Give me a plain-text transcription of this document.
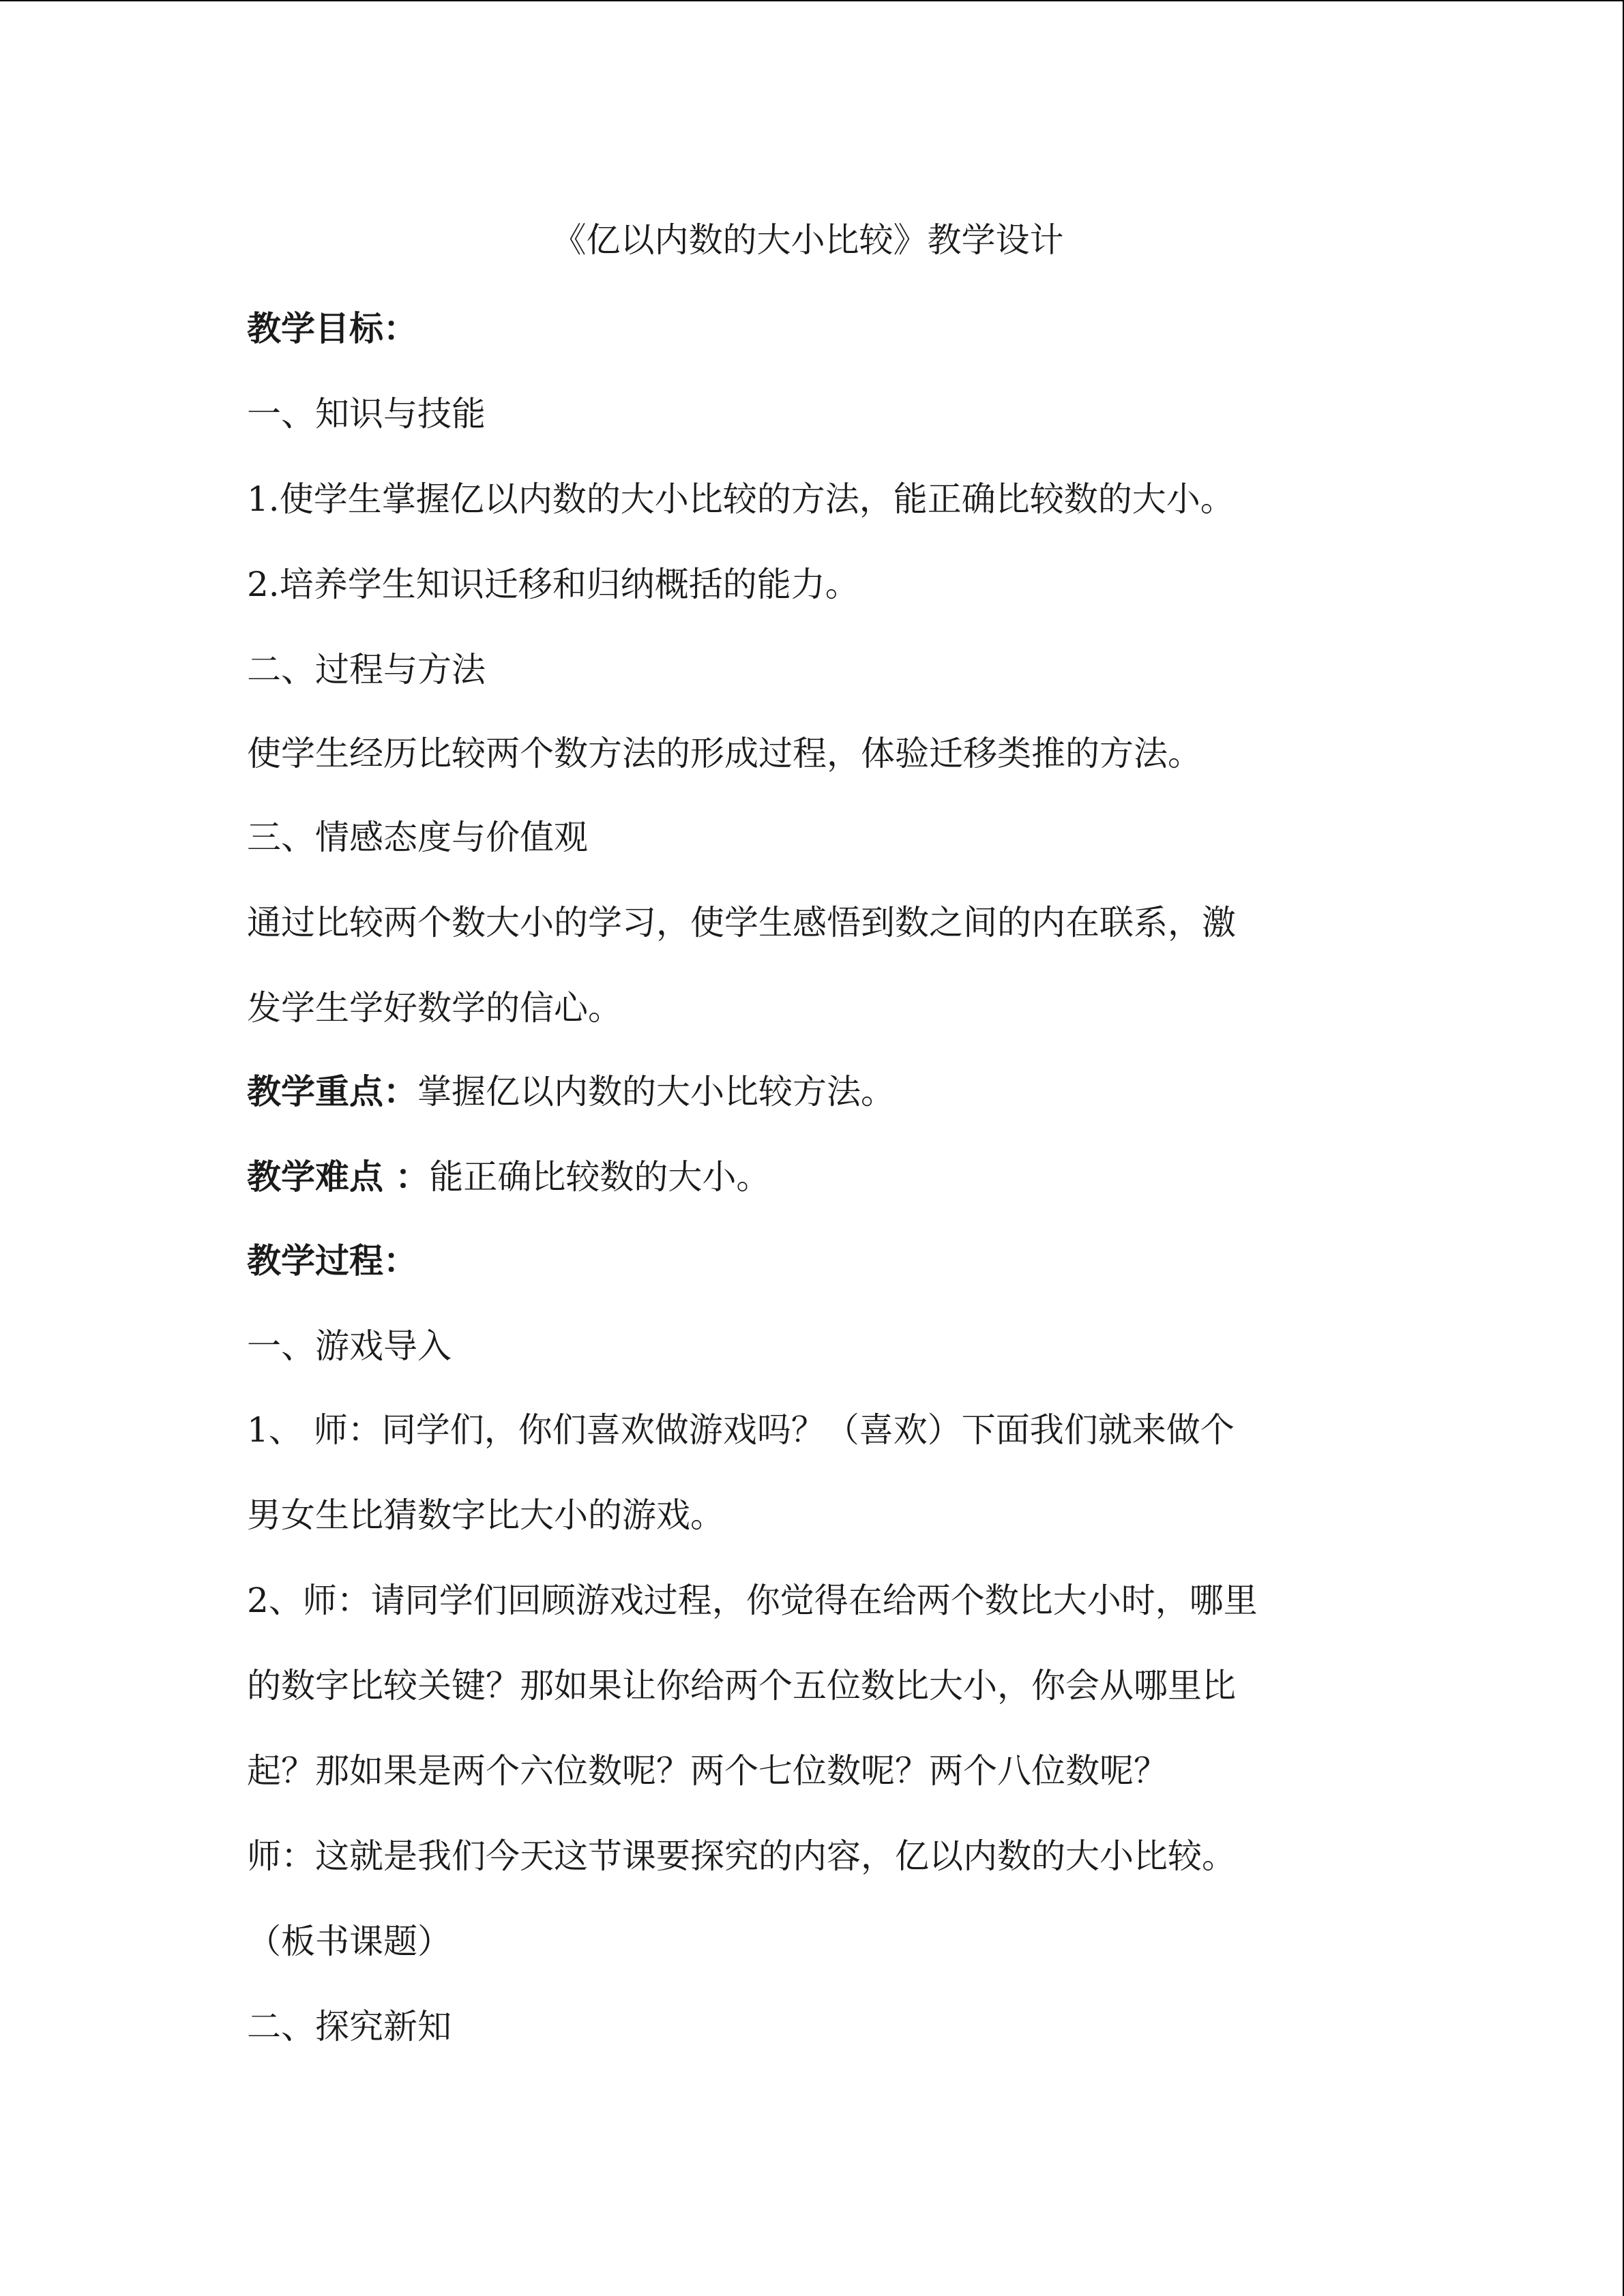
《亿以内数的大小比较》教学设计
教学目标：
一、知识与技能
1.使学生掌握亿以内数的大小比较的方法，能正确比较数的大小。
2.培养学生知识迁移和归纳概括的能力。
二、过程与方法
使学生经历比较两个数方法的形成过程，体验迁移类推的方法。
三、情感态度与价值观
通过比较两个数大小的学习，使学生感悟到数之间的内在联系，激
发学生学好数学的信心。
教学重点：掌握亿以内数的大小比较方法。
教学难点 ：能正确比较数的大小。
教学过程：
一、游戏导入
1、 师：同学们，你们喜欢做游戏吗？（喜欢）下面我们就来做个
男女生比猜数字比大小的游戏。
2、师：请同学们回顾游戏过程，你觉得在给两个数比大小时，哪里
的数字比较关键？那如果让你给两个五位数比大小，你会从哪里比
起？那如果是两个六位数呢？两个七位数呢？两个八位数呢？
师：这就是我们今天这节课要探究的内容，亿以内数的大小比较。
（板书课题）
二、探究新知
